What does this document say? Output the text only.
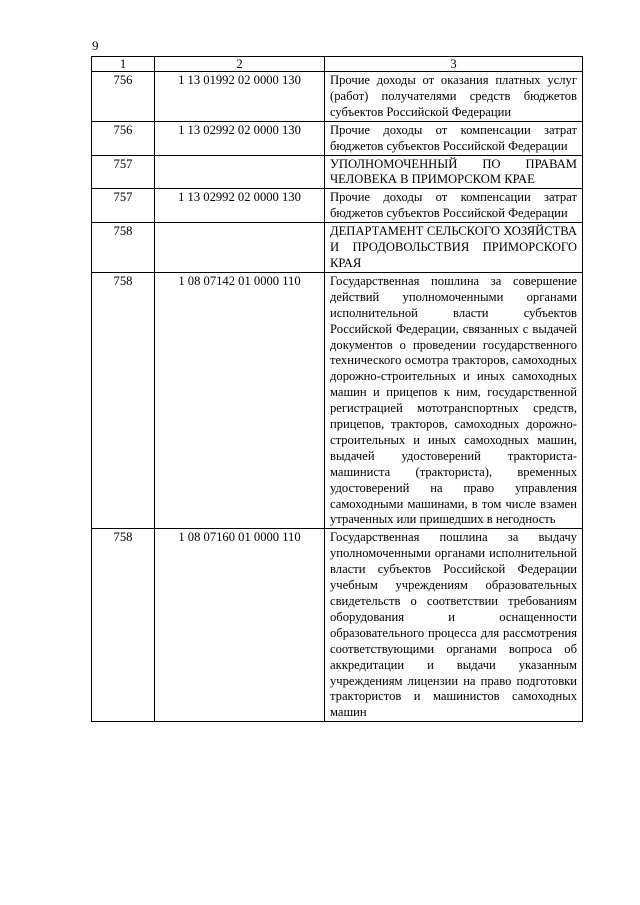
9
1	2	3
756	1 13 01992 02 0000 130	Прочие доходы от оказания платных услуг (работ) получателями средств бюджетов субъектов Российской Федерации
756	1 13 02992 02 0000 130	Прочие доходы от компенсации затрат бюджетов субъектов Российской Федерации
757		УПОЛНОМОЧЕННЫЙ ПО ПРАВАМ ЧЕЛОВЕКА В ПРИМОРСКОМ КРАЕ
757	1 13 02992 02 0000 130	Прочие доходы от компенсации затрат бюджетов субъектов Российской Федерации
758		ДЕПАРТАМЕНТ СЕЛЬСКОГО ХОЗЯЙСТВА И ПРОДОВОЛЬСТВИЯ ПРИМОРСКОГО КРАЯ
758	1 08 07142 01 0000 110	Государственная пошлина за совершение действий уполномоченными органами исполнительной власти субъектов Российской Федерации, связанных с выдачей документов о проведении государственного технического осмотра тракторов, самоходных дорожно-строительных и иных самоходных машин и прицепов к ним, государственной регистрацией мототранспортных средств, прицепов, тракторов, самоходных дорожно-строительных и иных самоходных машин, выдачей удостоверений тракториста-машиниста (тракториста), временных удостоверений на право управления самоходными машинами, в том числе взамен утраченных или пришедших в негодность
758	1 08 07160 01 0000 110	Государственная пошлина за выдачу уполномоченными органами исполнительной власти субъектов Российской Федерации учебным учреждениям образовательных свидетельств о соответствии требованиям оборудования и оснащенности образовательного процесса для рассмотрения соответствующими органами вопроса об аккредитации и выдачи указанным учреждениям лицензии на право подготовки трактористов и машинистов самоходных машин
